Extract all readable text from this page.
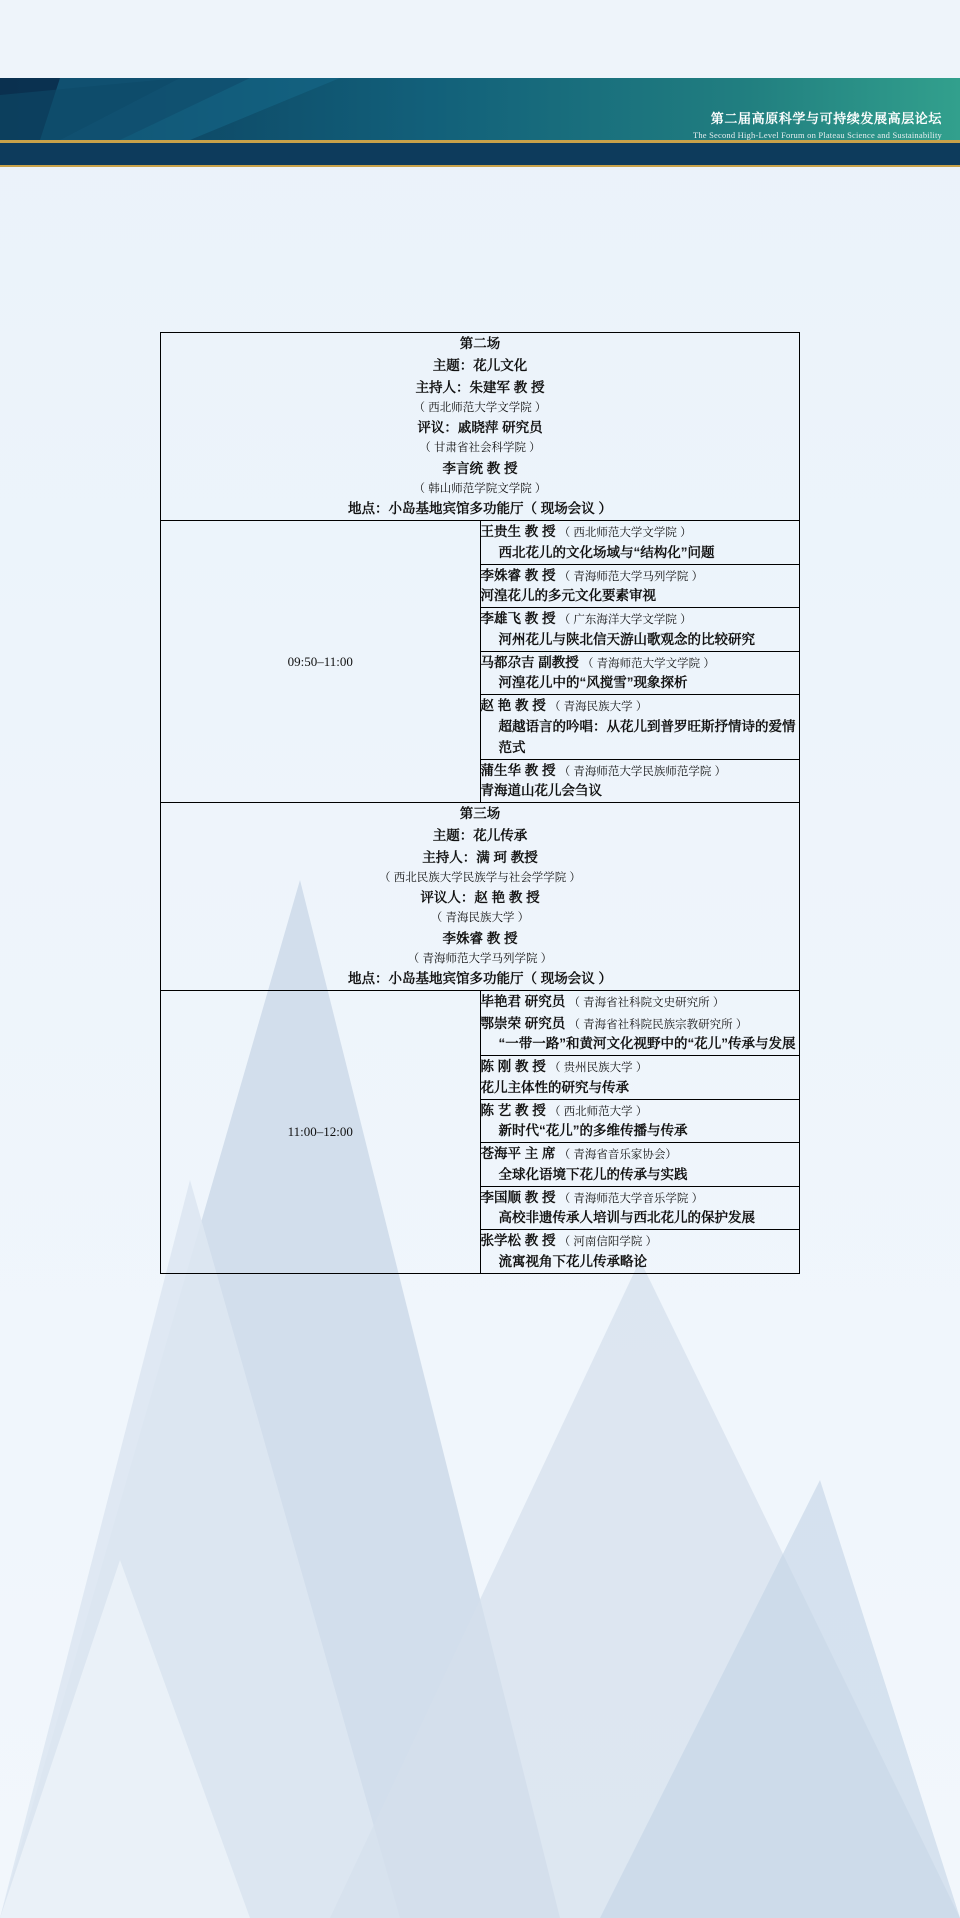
第二届高原科学与可持续发展高层论坛
The Second High-Level Forum on Plateau Science and Sustainability
第二场
主题：花儿文化
主持人：朱建军 教 授
（ 西北师范大学文学院 ）
评议：戚晓萍 研究员
（ 甘肃省社会科学院 ）
李言统 教 授
（ 韩山师范学院文学院 ）
地点：小岛基地宾馆多功能厅（ 现场会议 ）

09:50–11:00	王贵生 教 授 （ 西北师范大学文学院 ）
西北花儿的文化场域与“结构化”问题

	李姝睿 教 授 （ 青海师范大学马列学院 ）
河湟花儿的多元文化要素审视

	李雄飞 教 授 （ 广东海洋大学文学院 ）
河州花儿与陕北信天游山歌观念的比较研究

	马都尕吉 副教授 （ 青海师范大学文学院 ）
河湟花儿中的“风搅雪”现象探析

	赵 艳 教 授 （ 青海民族大学 ）
超越语言的吟唱：从花儿到普罗旺斯抒情诗的爱情范式

	蒲生华 教 授 （ 青海师范大学民族师范学院 ）
青海道山花儿会刍议

第三场
主题：花儿传承
主持人：满 珂 教授
（ 西北民族大学民族学与社会学学院 ）
评议人：赵 艳 教 授
（ 青海民族大学 ）
李姝睿 教 授
（ 青海师范大学马列学院 ）
地点：小岛基地宾馆多功能厅（ 现场会议 ）

11:00–12:00	毕艳君 研究员 （ 青海省社科院文史研究所 ）
鄂崇荣 研究员 （ 青海省社科院民族宗教研究所 ）
“一带一路”和黄河文化视野中的“花儿”传承与发展

	陈 刚 教 授 （ 贵州民族大学 ）
花儿主体性的研究与传承

	陈 艺 教 授 （ 西北师范大学 ）
新时代“花儿”的多维传播与传承

	苍海平 主 席 （ 青海省音乐家协会）
全球化语境下花儿的传承与实践

	李国顺 教 授 （ 青海师范大学音乐学院 ）
高校非遗传承人培训与西北花儿的保护发展

	张学松 教 授 （ 河南信阳学院 ）
流寓视角下花儿传承略论
